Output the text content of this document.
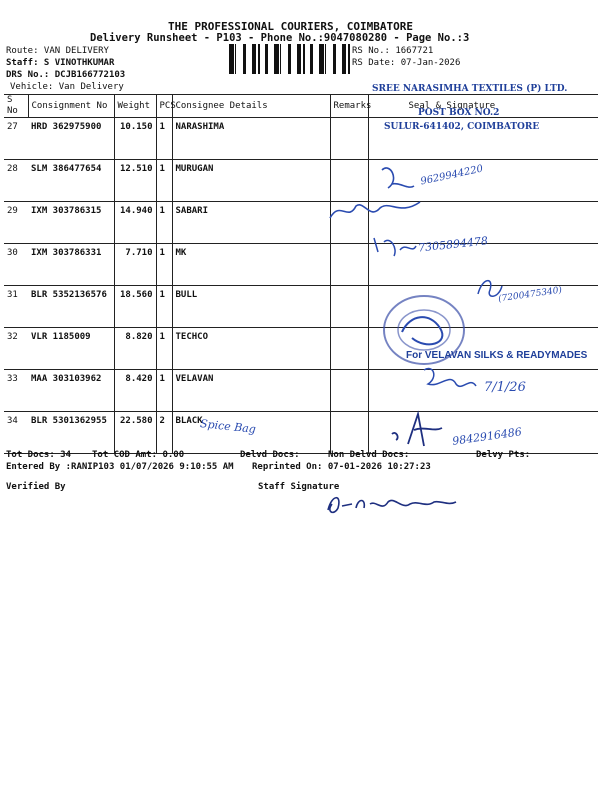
THE PROFESSIONAL COURIERS, COIMBATORE
Delivery Runsheet - P103 - Phone No.:9047080280 - Page No.:3
Route: VAN DELIVERY
Staff: S VINOTHKUMAR
DRS No.: DCJB166772103
Vehicle: Van Delivery
RS No.: 1667721
RS Date: 07-Jan-2026
S No	Consignment No	Weight	PCS	Consignee Details	Remarks	Seal & Signature
27	HRD 362975900	10.150	1	NARASHIMA		
28	SLM 386477654	12.510	1	MURUGAN		
29	IXM 303786315	14.940	1	SABARI		
30	IXM 303786331	7.710	1	MK		
31	BLR 5352136576	18.560	1	BULL		
32	VLR 1185009	8.820	1	TECHCO		
33	MAA 303103962	8.420	1	VELAVAN		
34	BLR 5301362955	22.580	2	BLACK		
SREE NARASIMHA TEXTILES (P) LTD.
POST BOX NO.2
SULUR-641402, COIMBATORE
For VELAVAN SILKS & READYMADES
9629944220
7305894478
(7200475340)
7/1/26
9842916486
Spice Bag
Tot Docs: 34 Tot COD Amt: 0.00	Delvd Docs:	Non Delvd Docs:	Delvy Pts:
Entered By :RANIP103 01/07/2026 9:10:55 AM Reprinted On: 07-01-2026 10:27:23
Verified By	Staff Signature
